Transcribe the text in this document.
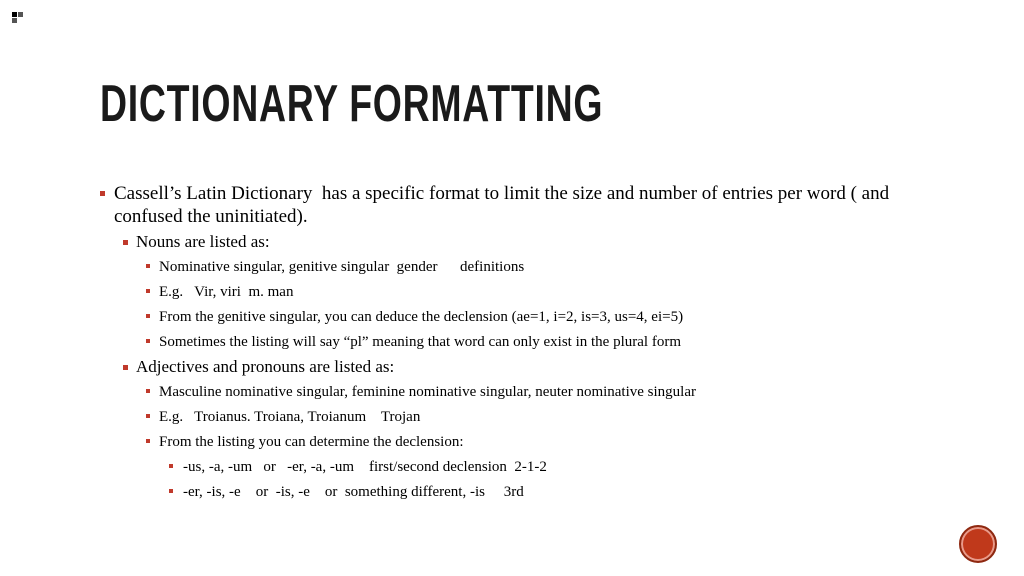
DICTIONARY FORMATTING
Cassell’s Latin Dictionary  has a specific format to limit the size and number of entries per word ( and confused the uninitiated).
Nouns are listed as:
Nominative singular, genitive singular  gender      definitions
E.g.   Vir, viri  m. man
From the genitive singular, you can deduce the declension (ae=1, i=2, is=3, us=4, ei=5)
Sometimes the listing will say “pl” meaning that word can only exist in the plural form
Adjectives and pronouns are listed as:
Masculine nominative singular, feminine nominative singular, neuter nominative singular
E.g.   Troianus. Troiana, Troianum    Trojan
From the listing you can determine the declension:
-us, -a, -um   or   -er, -a, -um    first/second declension  2-1-2
-er, -is, -e    or  -is, -e    or  something different, -is     3rd
